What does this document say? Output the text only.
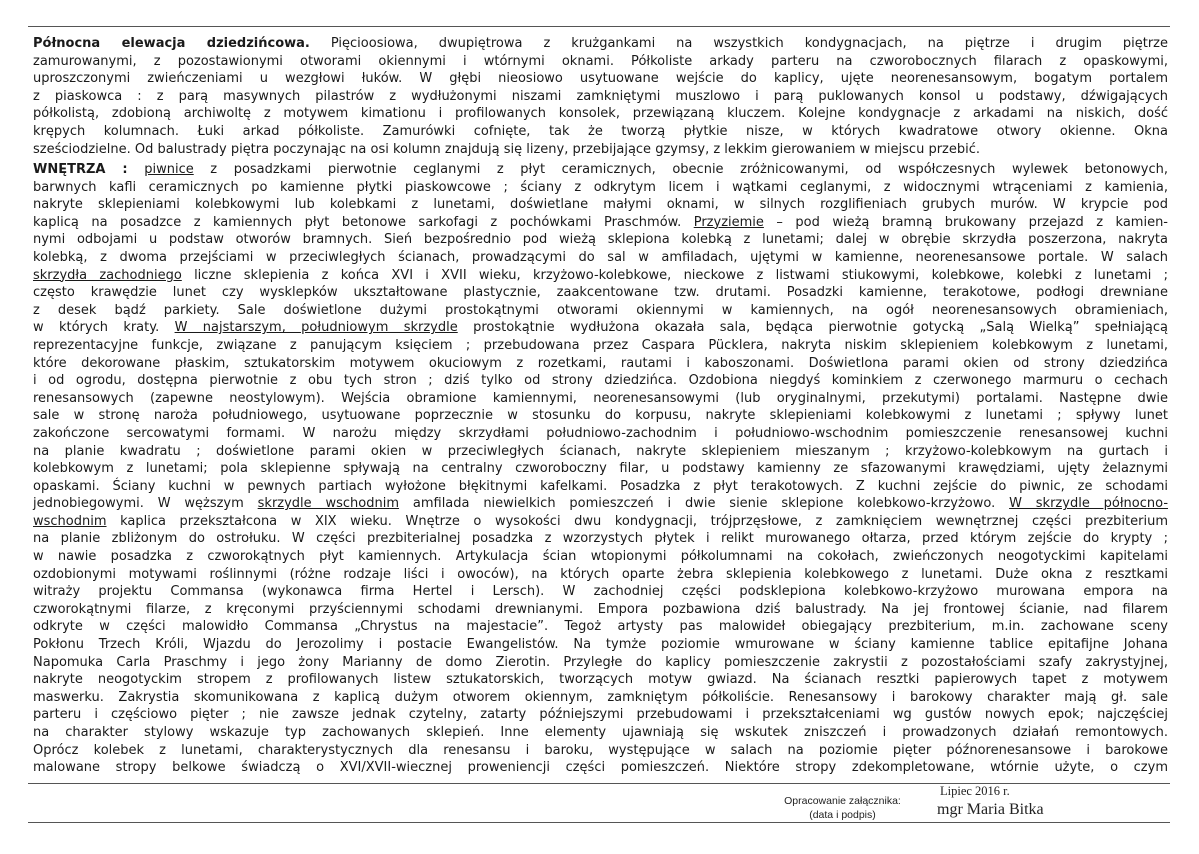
Północna elewacja dziedzińcowa. Pięcioosiowa, dwupiętrowa z krużgankami na wszystkich kondygnacjach, na piętrze i drugim piętrze
zamurowanymi, z pozostawionymi otworami okiennymi i wtórnymi oknami. Półkoliste arkady parteru na czworobocznych filarach z opaskowymi,
uproszczonymi zwieńczeniami u wezgłowi łuków. W głębi nieosiowo usytuowane wejście do kaplicy, ujęte neorenesansowym, bogatym portalem
z piaskowca : z parą masywnych pilastrów z wydłużonymi niszami zamkniętymi muszlowo i parą puklowanych konsol u podstawy, dźwigających
półkolistą, zdobioną archiwoltę z motywem kimationu i profilowanych konsolek, przewiązaną kluczem. Kolejne kondygnacje z arkadami na niskich, dość
krępych kolumnach. Łuki arkad półkoliste. Zamurówki cofnięte, tak że tworzą płytkie nisze, w których kwadratowe otwory okienne. Okna
sześciodzielne. Od balustrady piętra poczynając na osi kolumn znajdują się lizeny, przebijające gzymsy, z lekkim gierowaniem w miejscu przebić.
WNĘTRZA : piwnice z posadzkami pierwotnie ceglanymi z płyt ceramicznych, obecnie zróżnicowanymi, od współczesnych wylewek betonowych,
barwnych kafli ceramicznych po kamienne płytki piaskowcowe ; ściany z odkrytym licem i wątkami ceglanymi, z widocznymi wtrąceniami z kamienia,
nakryte sklepieniami kolebkowymi lub kolebkami z lunetami, doświetlane małymi oknami, w silnych rozglifieniach grubych murów. W krypcie pod
kaplicą na posadzce z kamiennych płyt betonowe sarkofagi z pochówkami Praschmów. Przyziemie – pod wieżą bramną brukowany przejazd z kamien-
nymi odbojami u podstaw otworów bramnych. Sień bezpośrednio pod wieżą sklepiona kolebką z lunetami; dalej w obrębie skrzydła poszerzona, nakryta
kolebką, z dwoma przejściami w przeciwległych ścianach, prowadzącymi do sal w amfiladach, ujętymi w kamienne, neorenesansowe portale. W salach
skrzydła zachodniego liczne sklepienia z końca XVI i XVII wieku, krzyżowo-kolebkowe, nieckowe z listwami stiukowymi, kolebkowe, kolebki z lunetami ;
często krawędzie lunet czy wysklepków ukształtowane plastycznie, zaakcentowane tzw. drutami. Posadzki kamienne, terakotowe, podłogi drewniane
z desek bądź parkiety. Sale doświetlone dużymi prostokątnymi otworami okiennymi w kamiennych, na ogół neorenesansowych obramieniach,
w których kraty. W najstarszym, południowym skrzydle prostokątnie wydłużona okazała sala, będąca pierwotnie gotycką „Salą Wielką” spełniającą
reprezentacyjne funkcje, związane z panującym księciem ; przebudowana przez Caspara Pücklera, nakryta niskim sklepieniem kolebkowym z lunetami,
które dekorowane płaskim, sztukatorskim motywem okuciowym z rozetkami, rautami i kaboszonami. Doświetlona parami okien od strony dziedzińca
i od ogrodu, dostępna pierwotnie z obu tych stron ; dziś tylko od strony dziedzińca. Ozdobiona niegdyś kominkiem z czerwonego marmuru o cechach
renesansowych (zapewne neostylowym). Wejścia obramione kamiennymi, neorenesansowymi (lub oryginalnymi, przekutymi) portalami. Następne dwie
sale w stronę naroża południowego, usytuowane poprzecznie w stosunku do korpusu, nakryte sklepieniami kolebkowymi z lunetami ; spływy lunet
zakończone sercowatymi formami. W narożu między skrzydłami południowo-zachodnim i południowo-wschodnim pomieszczenie renesansowej kuchni
na planie kwadratu ; doświetlone parami okien w przeciwległych ścianach, nakryte sklepieniem mieszanym ; krzyżowo-kolebkowym na gurtach i
kolebkowym z lunetami; pola sklepienne spływają na centralny czworoboczny filar, u podstawy kamienny ze sfazowanymi krawędziami, ujęty żelaznymi
opaskami. Ściany kuchni w pewnych partiach wyłożone błękitnymi kafelkami. Posadzka z płyt terakotowych. Z kuchni zejście do piwnic, ze schodami
jednobiegowymi. W węższym skrzydle wschodnim amfilada niewielkich pomieszczeń i dwie sienie sklepione kolebkowo-krzyżowo. W skrzydle północno-
wschodnim kaplica przekształcona w XIX wieku. Wnętrze o wysokości dwu kondygnacji, trójprzęsłowe, z zamknięciem wewnętrznej części prezbiterium
na planie zbliżonym do ostrołuku. W części prezbiterialnej posadzka z wzorzystych płytek i relikt murowanego ołtarza, przed którym zejście do krypty ;
w nawie posadzka z czworokątnych płyt kamiennych. Artykulacja ścian wtopionymi półkolumnami na cokołach, zwieńczonych neogotyckimi kapitelami
ozdobionymi motywami roślinnymi (różne rodzaje liści i owoców), na których oparte żebra sklepienia kolebkowego z lunetami. Duże okna z resztkami
witraży projektu Commansa (wykonawca firma Hertel i Lersch). W zachodniej części podsklepiona kolebkowo-krzyżowo murowana empora na
czworokątnymi filarze, z kręconymi przyściennymi schodami drewnianymi. Empora pozbawiona dziś balustrady. Na jej frontowej ścianie, nad filarem
odkryte w części malowidło Commansa „Chrystus na majestacie”. Tegoż artysty pas malowideł obiegający prezbiterium, m.in. zachowane sceny
Pokłonu Trzech Króli, Wjazdu do Jerozolimy i postacie Ewangelistów. Na tymże poziomie wmurowane w ściany kamienne tablice epitafijne Johana
Napomuka Carla Praschmy i jego żony Marianny de domo Zierotin. Przyległe do kaplicy pomieszczenie zakrystii z pozostałościami szafy zakrystyjnej,
nakryte neogotyckim stropem z profilowanych listew sztukatorskich, tworzących motyw gwiazd. Na ścianach resztki papierowych tapet z motywem
maswerku. Zakrystia skomunikowana z kaplicą dużym otworem okiennym, zamkniętym półkoliście. Renesansowy i barokowy charakter mają gł. sale
parteru i częściowo pięter ; nie zawsze jednak czytelny, zatarty późniejszymi przebudowami i przekształceniami wg gustów nowych epok; najczęściej
na charakter stylowy wskazuje typ zachowanych sklepień. Inne elementy ujawniają się wskutek zniszczeń i prowadzonych działań remontowych.
Oprócz kolebek z lunetami, charakterystycznych dla renesansu i baroku, występujące w salach na poziomie pięter późnorenesansowe i barokowe
malowane stropy belkowe świadczą o XVI/XVII-wiecznej proweniencji części pomieszczeń. Niektóre stropy zdekompletowane, wtórnie użyte, o czym
Opracowanie załącznika:
(data i podpis)
Lipiec 2016 r.
mgr Maria Bitka
